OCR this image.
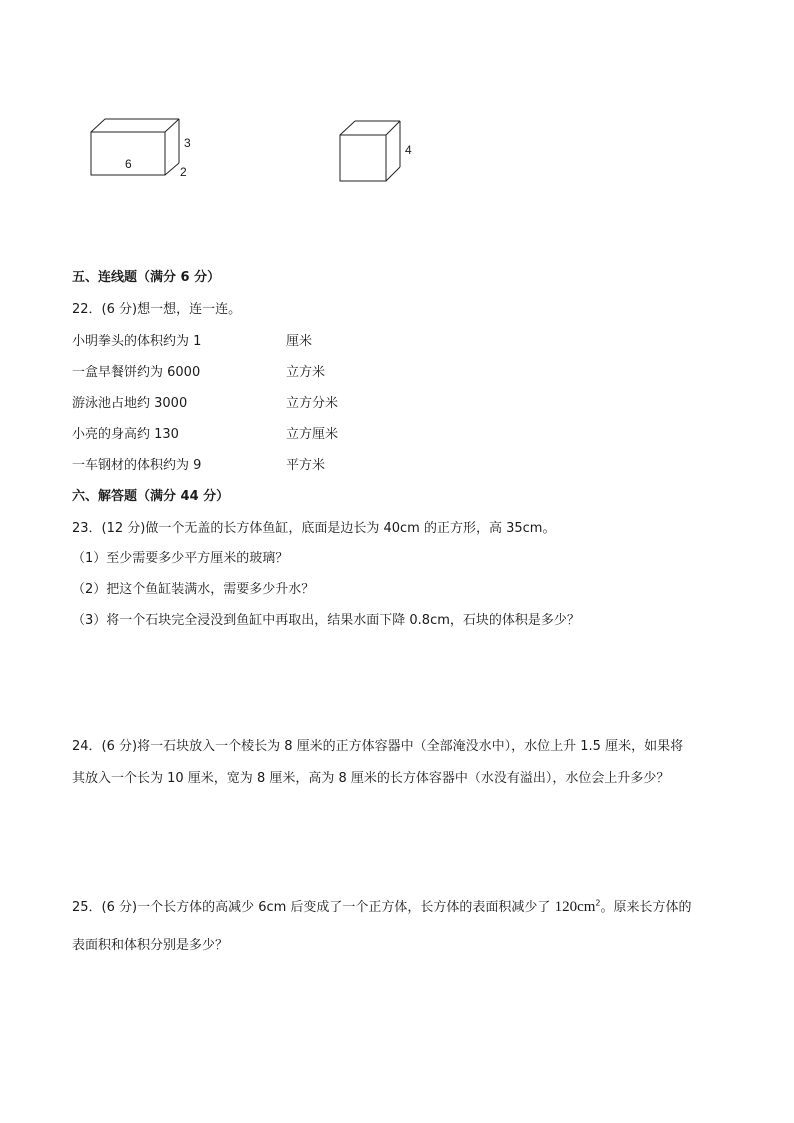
6
3
2
4
五、连线题（满分 6 分）
22．(6 分)想一想，连一连。
小明拳头的体积约为 1
一盒早餐饼约为 6000
游泳池占地约 3000
小亮的身高约 130
一车钢材的体积约为 9
厘米
立方米
立方分米
立方厘米
平方米
六、解答题（满分 44 分）
23．(12 分)做一个无盖的长方体鱼缸，底面是边长为 40cm 的正方形，高 35cm。
（1）至少需要多少平方厘米的玻璃？
（2）把这个鱼缸装满水，需要多少升水？
（3）将一个石块完全浸没到鱼缸中再取出，结果水面下降 0.8cm，石块的体积是多少？
24．(6 分)将一石块放入一个棱长为 8 厘米的正方体容器中（全部淹没水中），水位上升 1.5 厘米，如果将
其放入一个长为 10 厘米，宽为 8 厘米，高为 8 厘米的长方体容器中（水没有溢出），水位会上升多少？
25．(6 分)一个长方体的高减少 6cm 后变成了一个正方体，长方体的表面积减少了 $120cm^2$。原来长方体的
表面积和体积分别是多少？
